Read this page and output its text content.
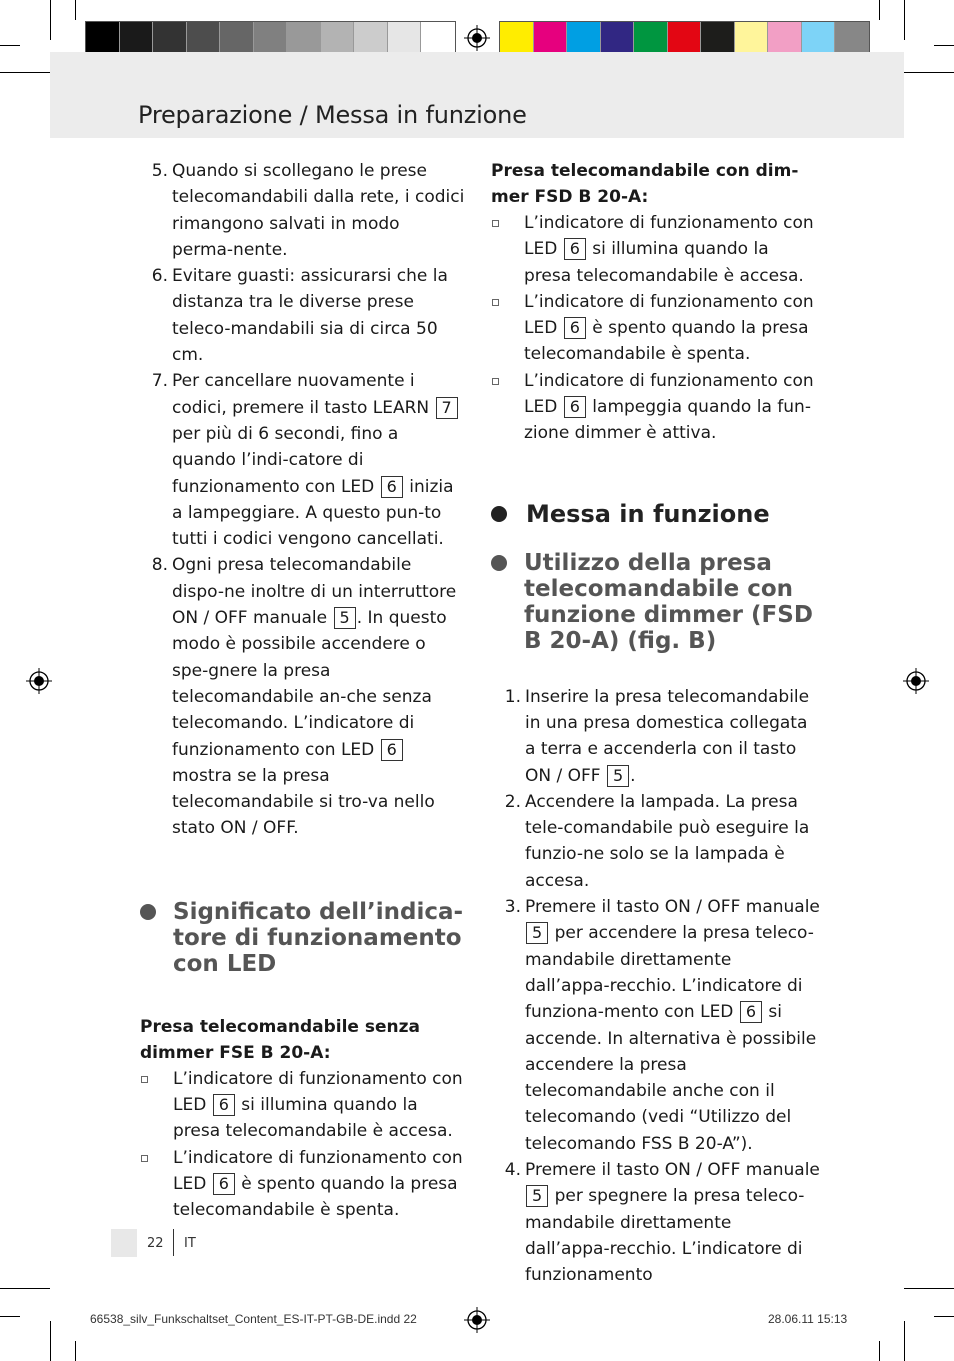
Preparazione / Messa in funzione
5. Quando si scollegano le prese telecomandabili dalla rete, i codici rimangono salvati in modo perma-nente.
6. Evitare guasti: assicurarsi che la distanza tra le diverse prese teleco-mandabili sia di circa 50 cm.
7. Per cancellare nuovamente i codici, premere il tasto LEARN 7 per più di 6 secondi, fino a quando l’indi-catore di funzionamento con LED 6 inizia a lampeggiare. A questo pun-to tutti i codici vengono cancellati.
8. Ogni presa telecomandabile dispo-ne inoltre di un interruttore ON / OFF manuale 5 . In questo modo è possibile accendere o spe-gnere la presa telecomandabile an-che senza telecomando. L’indicatore di funzionamento con LED 6 mostra se la presa telecomandabile si tro-va nello stato ON / OFF.
Significato dell’indica-tore di funzionamento con LED
Presa telecomandabile senza dimmer FSE B 20-A:
L’indicatore di funzionamento con LED 6 si illumina quando la presa telecomandabile è accesa.
L’indicatore di funzionamento con LED 6 è spento quando la presa telecomandabile è spenta.
Presa telecomandabile con dim-mer FSD B 20-A:
L’indicatore di funzionamento con LED 6 si illumina quando la presa telecomandabile è accesa.
L’indicatore di funzionamento con LED 6 è spento quando la presa telecomandabile è spenta.
L’indicatore di funzionamento con LED 6 lampeggia quando la fun-zione dimmer è attiva.
Messa in funzione
Utilizzo della presa telecomandabile con funzione dimmer (FSD B 20-A) (fig. B)
1. Inserire la presa telecomandabile in una presa domestica collegata a terra e accenderla con il tasto ON / OFF 5 .
2. Accendere la lampada. La presa tele-comandabile può eseguire la funzio-ne solo se la lampada è accesa.
3. Premere il tasto ON / OFF manuale 5 per accendere la presa teleco-mandabile direttamente dall’appa-recchio. L’indicatore di funziona-mento con LED 6 si accende. In alternativa è possibile accendere la presa telecomandabile anche con il telecomando (vedi “Utilizzo del telecomando FSS B 20-A”).
4. Premere il tasto ON / OFF manuale 5 per spegnere la presa teleco-mandabile direttamente dall’appa-recchio. L’indicatore di funzionamento
22 IT
66538_silv_Funkschaltset_Content_ES-IT-PT-GB-DE.indd 22	28.06.11 15:13
